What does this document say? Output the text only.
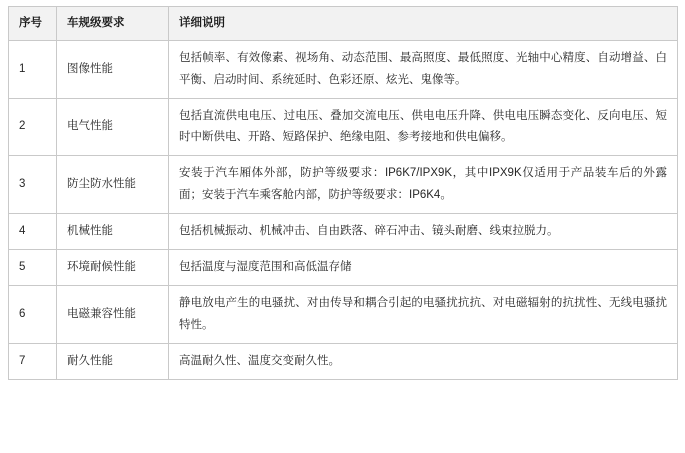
序号	车规级要求	详细说明
1	图像性能	包括帧率、有效像素、视场角、动态范围、最高照度、最低照度、光轴中心精度、自动增益、白平衡、启动时间、系统延时、色彩还原、炫光、鬼像等。
2	电气性能	包括直流供电电压、过电压、叠加交流电压、供电电压升降、供电电压瞬态变化、反向电压、短时中断供电、开路、短路保护、绝缘电阻、参考接地和供电偏移。
3	防尘防水性能	安装于汽车厢体外部，防护等级要求：IP6K7/IPX9K，其中IPX9K仅适用于产品装车后的外露面；安装于汽车乘客舱内部，防护等级要求：IP6K4。
4	机械性能	包括机械振动、机械冲击、自由跌落、碎石冲击、镜头耐磨、线束拉脱力。
5	环境耐候性能	包括温度与湿度范围和高低温存储
6	电磁兼容性能	静电放电产生的电骚扰、对由传导和耦合引起的电骚扰抗抗、对电磁辐射的抗扰性、无线电骚扰特性。
7	耐久性能	高温耐久性、温度交变耐久性。
